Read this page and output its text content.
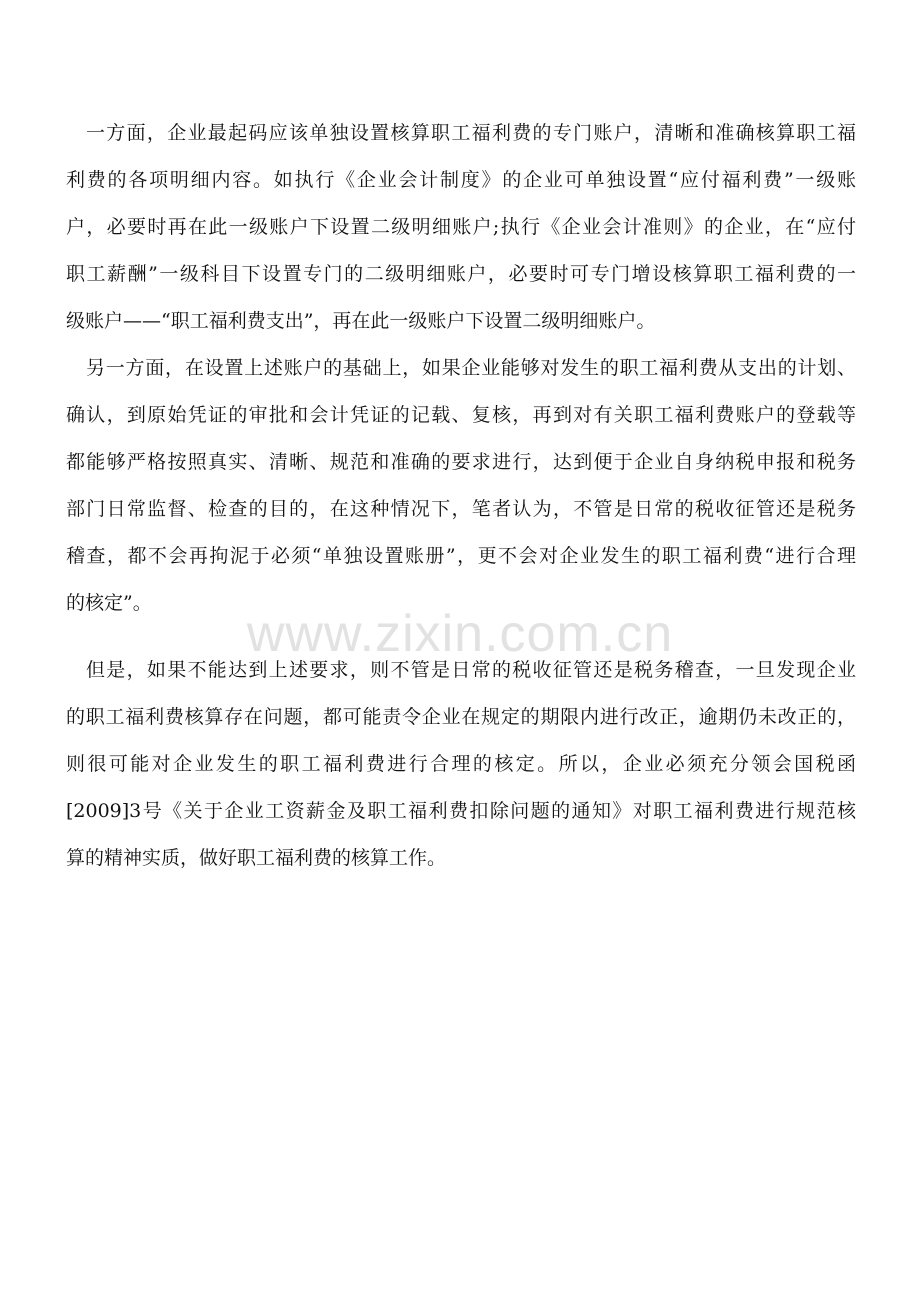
一方面，企业最起码应该单独设置核算职工福利费的专门账户，清晰和准确核算职工福
利费的各项明细内容。如执行《企业会计制度》的企业可单独设置“应付福利费”一级账
户，必要时再在此一级账户下设置二级明细账户;执行《企业会计准则》的企业，在“应付
职工薪酬”一级科目下设置专门的二级明细账户，必要时可专门增设核算职工福利费的一
级账户——“职工福利费支出”，再在此一级账户下设置二级明细账户。
另一方面，在设置上述账户的基础上，如果企业能够对发生的职工福利费从支出的计划、
确认，到原始凭证的审批和会计凭证的记载、复核，再到对有关职工福利费账户的登载等
都能够严格按照真实、清晰、规范和准确的要求进行，达到便于企业自身纳税申报和税务
部门日常监督、检查的目的，在这种情况下，笔者认为，不管是日常的税收征管还是税务
稽查，都不会再拘泥于必须“单独设置账册”，更不会对企业发生的职工福利费“进行合理
的核定”。
www.zixin.com.cn
但是，如果不能达到上述要求，则不管是日常的税收征管还是税务稽查，一旦发现企业
的职工福利费核算存在问题，都可能责令企业在规定的期限内进行改正，逾期仍未改正的，
则很可能对企业发生的职工福利费进行合理的核定。所以，企业必须充分领会国税函
[2009]3号《关于企业工资薪金及职工福利费扣除问题的通知》对职工福利费进行规范核
算的精神实质，做好职工福利费的核算工作。
